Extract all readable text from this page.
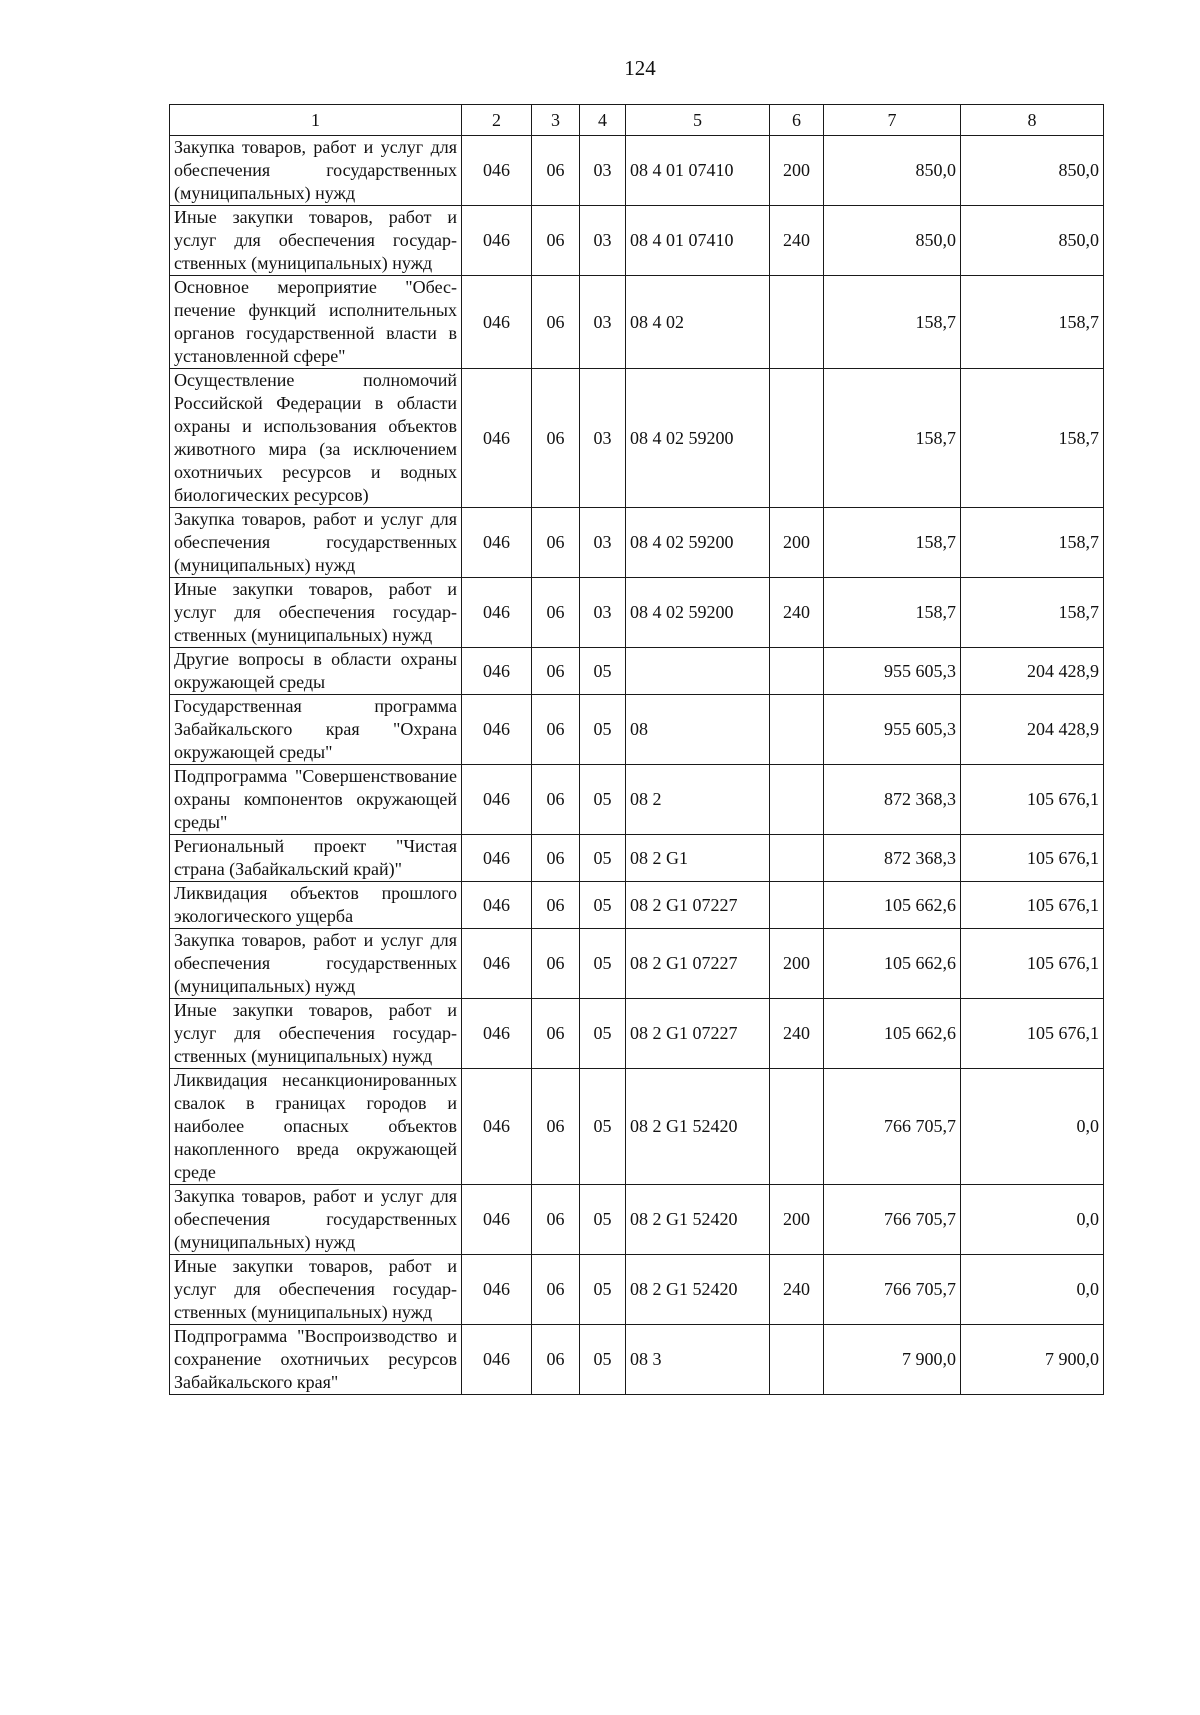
124
1	2	3	4	5	6	7	8
Закупка товаров, работ и услуг для обеспечения государственных (муниципальных) нужд	046	06	03	08 4 01 07410	200	850,0	850,0
Иные закупки товаров, работ и услуг для обеспечения государственных (муниципальных) нужд	046	06	03	08 4 01 07410	240	850,0	850,0
Основное мероприятие "Обеспечение функций исполнительных органов государственной власти в установленной сфере"	046	06	03	08 4 02		158,7	158,7
Осуществление полномочий Российской Федерации в области охраны и использования объектов животного мира (за исключением охотничьих ресурсов и водных биологических ресурсов)	046	06	03	08 4 02 59200		158,7	158,7
Закупка товаров, работ и услуг для обеспечения государственных (муниципальных) нужд	046	06	03	08 4 02 59200	200	158,7	158,7
Иные закупки товаров, работ и услуг для обеспечения государственных (муниципальных) нужд	046	06	03	08 4 02 59200	240	158,7	158,7
Другие вопросы в области охраны окружающей среды	046	06	05			955 605,3	204 428,9
Государственная программа Забайкальского края "Охрана окружающей среды"	046	06	05	08		955 605,3	204 428,9
Подпрограмма "Совершенствование охраны компонентов окружающей среды"	046	06	05	08 2		872 368,3	105 676,1
Региональный проект "Чистая страна (Забайкальский край)"	046	06	05	08 2 G1		872 368,3	105 676,1
Ликвидация объектов прошлого экологического ущерба	046	06	05	08 2 G1 07227		105 662,6	105 676,1
Закупка товаров, работ и услуг для обеспечения государственных (муниципальных) нужд	046	06	05	08 2 G1 07227	200	105 662,6	105 676,1
Иные закупки товаров, работ и услуг для обеспечения государственных (муниципальных) нужд	046	06	05	08 2 G1 07227	240	105 662,6	105 676,1
Ликвидация несанкционированных свалок в границах городов и наиболее опасных объектов накопленного вреда окружающей среде	046	06	05	08 2 G1 52420		766 705,7	0,0
Закупка товаров, работ и услуг для обеспечения государственных (муниципальных) нужд	046	06	05	08 2 G1 52420	200	766 705,7	0,0
Иные закупки товаров, работ и услуг для обеспечения государственных (муниципальных) нужд	046	06	05	08 2 G1 52420	240	766 705,7	0,0
Подпрограмма "Воспроизводство и сохранение охотничьих ресурсов Забайкальского края"	046	06	05	08 3		7 900,0	7 900,0
